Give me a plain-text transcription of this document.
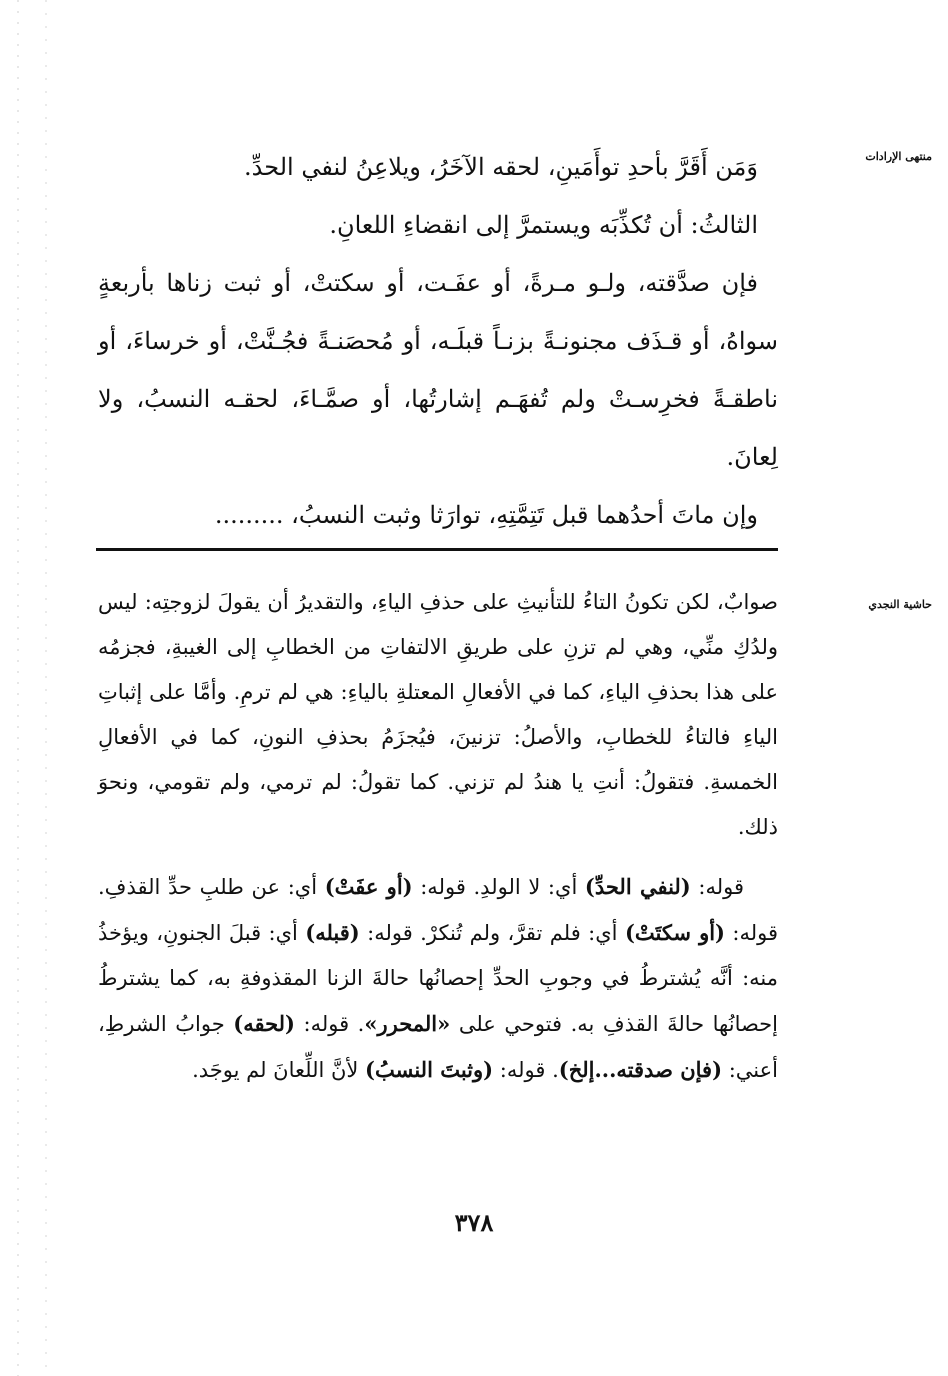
منتهى الإرادات
حاشية النجدي

وَمَن أَقَرَّ بأحدِ توأَمَينِ، لحقه الآخَرُ، ويلاعِنُ لنفي الحدِّ.

الثالثُ: أن تُكذِّبَه ويستمرَّ إلى انقضاءِ اللعانِ.

فإن صدَّقته، ولـو مـرةً، أو عفَـت، أو سكتتْ، أو ثبت زناها بأربعةٍ سواهُ، أو قـذَف مجنونـةً بزنـاً قبلَـه، أو مُحصَنـةً فجُـنَّتْ، أو خرساءَ، أو ناطقـةً فخرِسـتْ ولم تُفهَـم إشارتُها، أو صمَّـاءَ، لحقـه النسبُ، ولا لِعانَ.

وإن ماتَ أحدُهما قبل تَتِمَّتِهِ، توارَثا وثبت النسبُ، .........

صوابٌ، لكن تكونُ التاءُ للتأنيثِ على حذفِ الياءِ، والتقديرُ أن يقولَ لزوجتِه: ليس ولدُكِ منِّي، وهي لم تزنِ على طريقِ الالتفاتِ من الخطابِ إلى الغيبةِ، فجزمُه على هذا بحذفِ الياءِ، كما في الأفعالِ المعتلةِ بالياءِ: هي لم ترمِ. وأمَّا على إثباتِ الياءِ فالتاءُ للخطابِ، والأصلُ: تزنينَ، فيُجزَمُ بحذفِ النونِ، كما في الأفعالِ الخمسةِ. فتقولُ: أنتِ يا هندُ لم تزني. كما تقولُ: لم ترمي، ولم تقومي، ونحوَ ذلك.

قوله: (لنفي الحدِّ) أي: لا الولدِ. قوله: (أو عفَتْ) أي: عن طلبِ حدِّ القذفِ. قوله: (أو سكتَتْ) أي: فلم تقرَّ، ولم تُنكرْ. قوله: (قبله) أي: قبلَ الجنونِ، ويؤخذُ منه: أنَّه يُشترطُ في وجوبِ الحدِّ إحصانُها حالةَ الزنا المقذوفةِ به، كما يشترطُ إحصانُها حالةَ القذفِ به. فتوحي على «المحرر». قوله: (لحقه) جوابُ الشرطِ، أعني: (فإن صدقته...إلخ). قوله: (وثبتَ النسبُ) لأنَّ اللِّعانَ لم يوجَد.

٣٧٨
